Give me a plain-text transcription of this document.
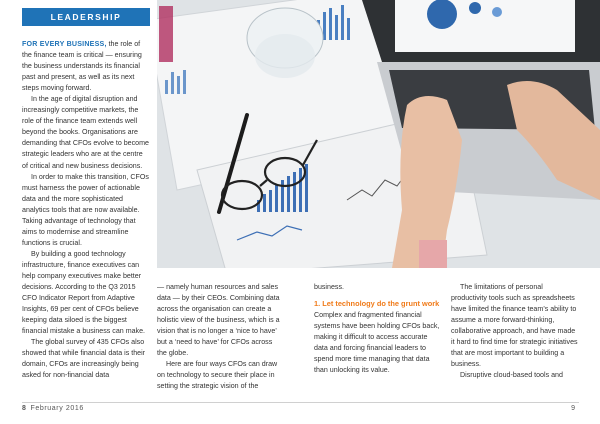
LEADERSHIP

FOR EVERY BUSINESS, the role of the finance team is critical — ensuring the business understands its financial past and present, as well as its next steps moving forward.

In the age of digital disruption and increasingly competitive markets, the role of the finance team extends well beyond the books. Organisations are demanding that CFOs evolve to become strategic leaders who are at the centre of critical and new business decisions.

In order to make this transition, CFOs must harness the power of actionable data and the more sophisticated analytics tools that are now available. Taking advantage of technology that aims to modernise and streamline functions is crucial.

By building a good technology infrastructure, finance executives can help company executives make better decisions. According to the Q3 2015 CFO Indicator Report from Adaptive Insights, 69 per cent of CFOs believe keeping data siloed is the biggest financial mistake a business can make.

The global survey of 435 CFOs also showed that while financial data is their domain, CFOs are increasingly being asked for non-financial data

— namely human resources and sales data — by their CEOs. Combining data across the organisation can create a holistic view of the business, which is a vision that is no longer a ‘nice to have’ but a ‘need to have’ for CFOs across the globe.

Here are four ways CFOs can draw on technology to secure their place in setting the strategic vision of the

business.

1. Let technology do the grunt work

Complex and fragmented financial systems have been holding CFOs back, making it difficult to access accurate data and forcing financial leaders to spend more time managing that data than unlocking its value.

The limitations of personal productivity tools such as spreadsheets have limited the finance team’s ability to assume a more forward-thinking, collaborative approach, and have made it hard to find time for strategic initiatives that are most important to building a business.

Disruptive cloud-based tools and

8 February 2016	9
